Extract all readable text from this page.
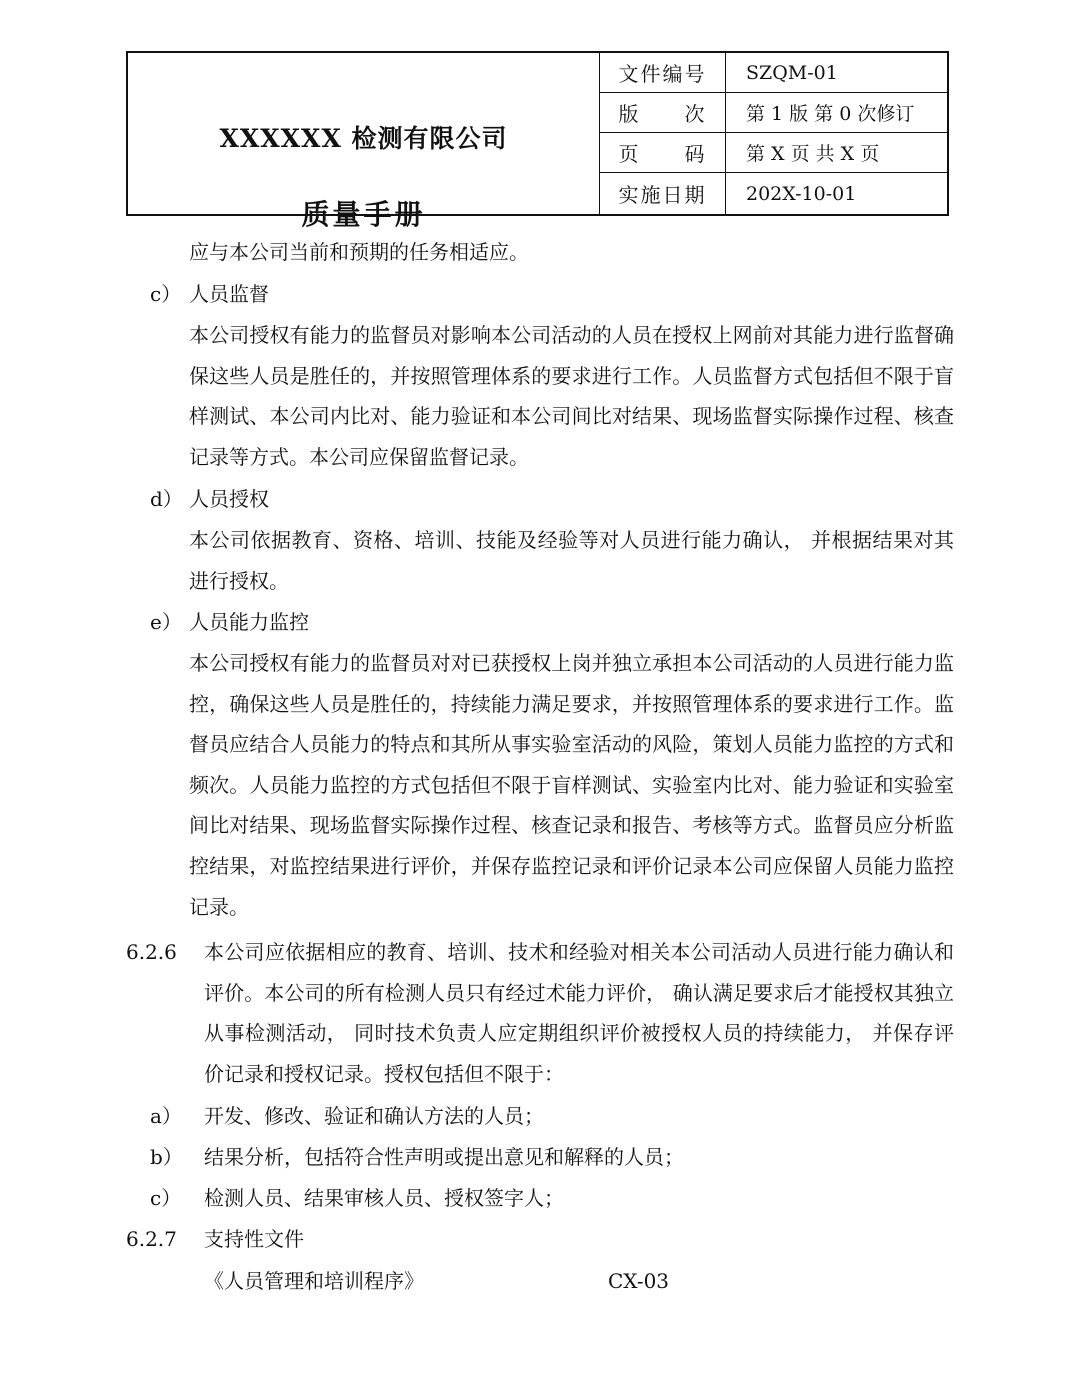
XXXXXX 检测有限公司
质量手册
文件编号	SZQM-01
版　　次	第 1 版 第 0 次修订
页　　码	第 X 页 共 X 页
实施日期	202X-10-01
应与本公司当前和预期的任务相适应。
c） 人员监督
本公司授权有能力的监督员对影响本公司活动的人员在授权上网前对其能力进行监督确保这些人员是胜任的，并按照管理体系的要求进行工作。人员监督方式包括但不限于盲样测试、本公司内比对、能力验证和本公司间比对结果、现场监督实际操作过程、核查记录等方式。本公司应保留监督记录。
d） 人员授权
本公司依据教育、资格、培训、技能及经验等对人员进行能力确认， 并根据结果对其进行授权。
e） 人员能力监控
本公司授权有能力的监督员对对已获授权上岗并独立承担本公司活动的人员进行能力监控，确保这些人员是胜任的，持续能力满足要求，并按照管理体系的要求进行工作。监督员应结合人员能力的特点和其所从事实验室活动的风险，策划人员能力监控的方式和频次。人员能力监控的方式包括但不限于盲样测试、实验室内比对、能力验证和实验室间比对结果、现场监督实际操作过程、核查记录和报告、考核等方式。监督员应分析监控结果，对监控结果进行评价，并保存监控记录和评价记录本公司应保留人员能力监控记录。
6.2.6 本公司应依据相应的教育、培训、技术和经验对相关本公司活动人员进行能力确认和评价。本公司的所有检测人员只有经过术能力评价， 确认满足要求后才能授权其独立从事检测活动， 同时技术负责人应定期组织评价被授权人员的持续能力， 并保存评价记录和授权记录。授权包括但不限于：
a） 开发、修改、验证和确认方法的人员；
b） 结果分析，包括符合性声明或提出意见和解释的人员；
c） 检测人员、结果审核人员、授权签字人；
6.2.7 支持性文件
《人员管理和培训程序》	CX-03
